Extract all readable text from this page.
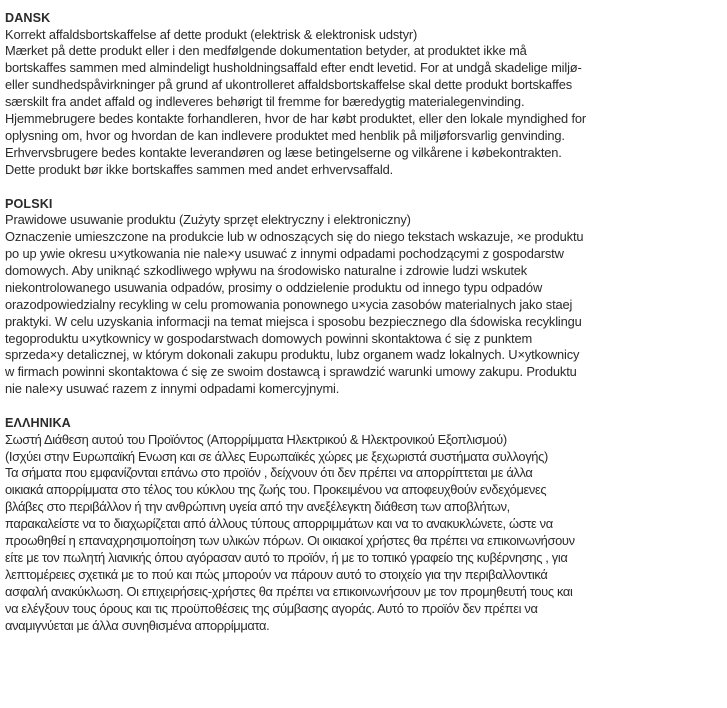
DANSK
Korrekt affaldsbortskaffelse af dette produkt (elektrisk & elektronisk udstyr)
Mærket på dette produkt eller i den medfølgende dokumentation betyder, at produktet ikke må
bortskaffes sammen med almindeligt husholdningsaffald efter endt levetid. For at undgå skadelige miljø-
eller sundhedspåvirkninger på grund af ukontrolleret affaldsbortskaffelse skal dette produkt bortskaffes
særskilt fra andet affald og indleveres behørigt til fremme for bæredygtig materialegenvinding.
Hjemmebrugere bedes kontakte forhandleren, hvor de har købt produktet, eller den lokale myndighed for
oplysning om, hvor og hvordan de kan indlevere produktet med henblik på miljøforsvarlig genvinding.
Erhvervsbrugere bedes kontakte leverandøren og læse betingelserne og vilkårene i købekontrakten.
Dette produkt bør ikke bortskaffes sammen med andet erhvervsaffald.
POLSKI
Prawidowe usuwanie produktu (Zużyty sprzęt elektryczny i elektroniczny)
Oznaczenie umieszczone na produkcie lub w odnoszących się do niego tekstach wskazuje, ×e produktu
po up ywie okresu u×ytkowania nie nale×y usuwać z innymi odpadami pochodzącymi z gospodarstw
domowych. Aby uniknąć szkodliwego wpływu na środowisko naturalne i zdrowie ludzi wskutek
niekontrolowanego usuwania odpadów, prosimy o oddzielenie produktu od innego typu odpadów
orazodpowiedzialny recykling w celu promowania ponownego u×ycia zasobów materialnych jako staej
praktyki. W celu uzyskania informacji na temat miejsca i sposobu bezpiecznego dla śdowiska recyklingu
tegoproduktu u×ytkownicy w gospodarstwach domowych powinni skontaktowa ć się z punktem
sprzeda×y detalicznej, w którym dokonali zakupu produktu, lubz organem wadz lokalnych. U×ytkownicy
w firmach powinni skontaktowa ć się ze swoim dostawcą i sprawdzić warunki umowy zakupu. Produktu
nie nale×y usuwać razem z innymi odpadami komercyjnymi.
ΕΛΛΗΝΙΚΑ
Σωστή Διάθεση αυτού του Προϊόντος (Απορρίμματα Ηλεκτρικού & Ηλεκτρονικού Εξοπλισμού)
(Ισχύει στην Ευρωπαϊκή Ενωση και σε άλλες Ευρωπαϊκές χώρες με ξεχωριστά συστήματα συλλογής)
Τα σήματα που εμφανίζονται επάνω στο προϊόν , δείχνουν ότι δεν πρέπει να απορρίπτεται με άλλα
οικιακά απορρίμματα στο τέλος του κύκλου της ζωής του. Προκειμένου να αποφευχθούν ενδεχόμενες
βλάβες στο περιβάλλον ή την ανθρώπινη υγεία από την ανεξέλεγκτη διάθεση των αποβλήτων,
παρακαλείστε να το διαχωρίζεται από άλλους τύπους απορριμμάτων και να το ανακυκλώνετε, ώστε να
προωθηθεί η επαναχρησιμοποίηση των υλικών πόρων. Οι οικιακοί χρήστες θα πρέπει να επικοινωνήσουν
είτε με τον πωλητή λιανικής όπου αγόρασαν αυτό το προϊόν, ή με το τοπικό γραφείο της κυβέρνησης , για
λεπτομέρειες σχετικά με το πού και πώς μπορούν να πάρουν αυτό το στοιχείο για την περιβαλλοντικά
ασφαλή ανακύκλωση. Οι επιχειρήσεις-χρήστες θα πρέπει να επικοινωνήσουν με τον προμηθευτή τους και
να ελέγξουν τους όρους και τις προϋποθέσεις της σύμβασης αγοράς. Αυτό το προϊόν δεν πρέπει να
αναμιγνύεται με άλλα συνηθισμένα απορρίμματα.
